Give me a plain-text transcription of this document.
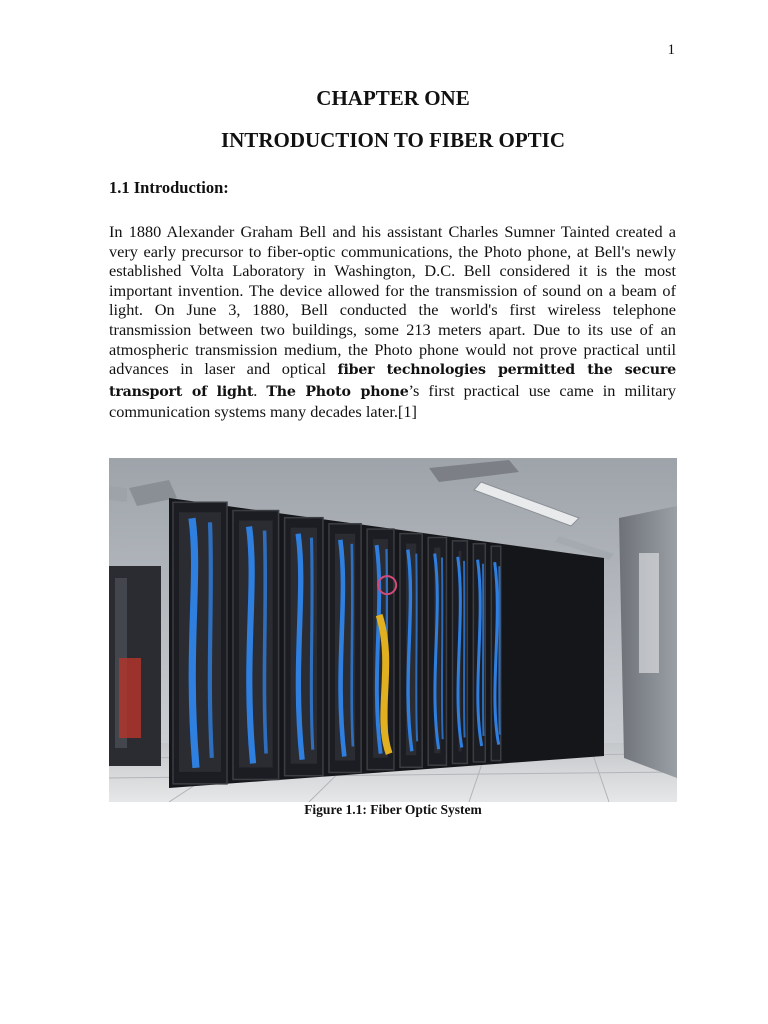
1
CHAPTER ONE
INTRODUCTION TO FIBER OPTIC
1.1 Introduction:

In 1880 Alexander Graham Bell and his assistant Charles Sumner Tainted created a very early precursor to fiber-optic communications, the Photo phone, at Bell's newly established Volta Laboratory in Washington, D.C. Bell considered it is the most important invention. The device allowed for the transmission of sound on a beam of light. On June 3, 1880, Bell conducted the world's first wireless telephone transmission between two buildings, some 213 meters apart. Due to its use of an atmospheric transmission medium, the Photo phone would not prove practical until advances in laser and optical fiber technologies permitted the secure transport of light. The Photo phone’s first practical use came in military communication systems many decades later.[1]

Figure 1.1: Fiber Optic System
